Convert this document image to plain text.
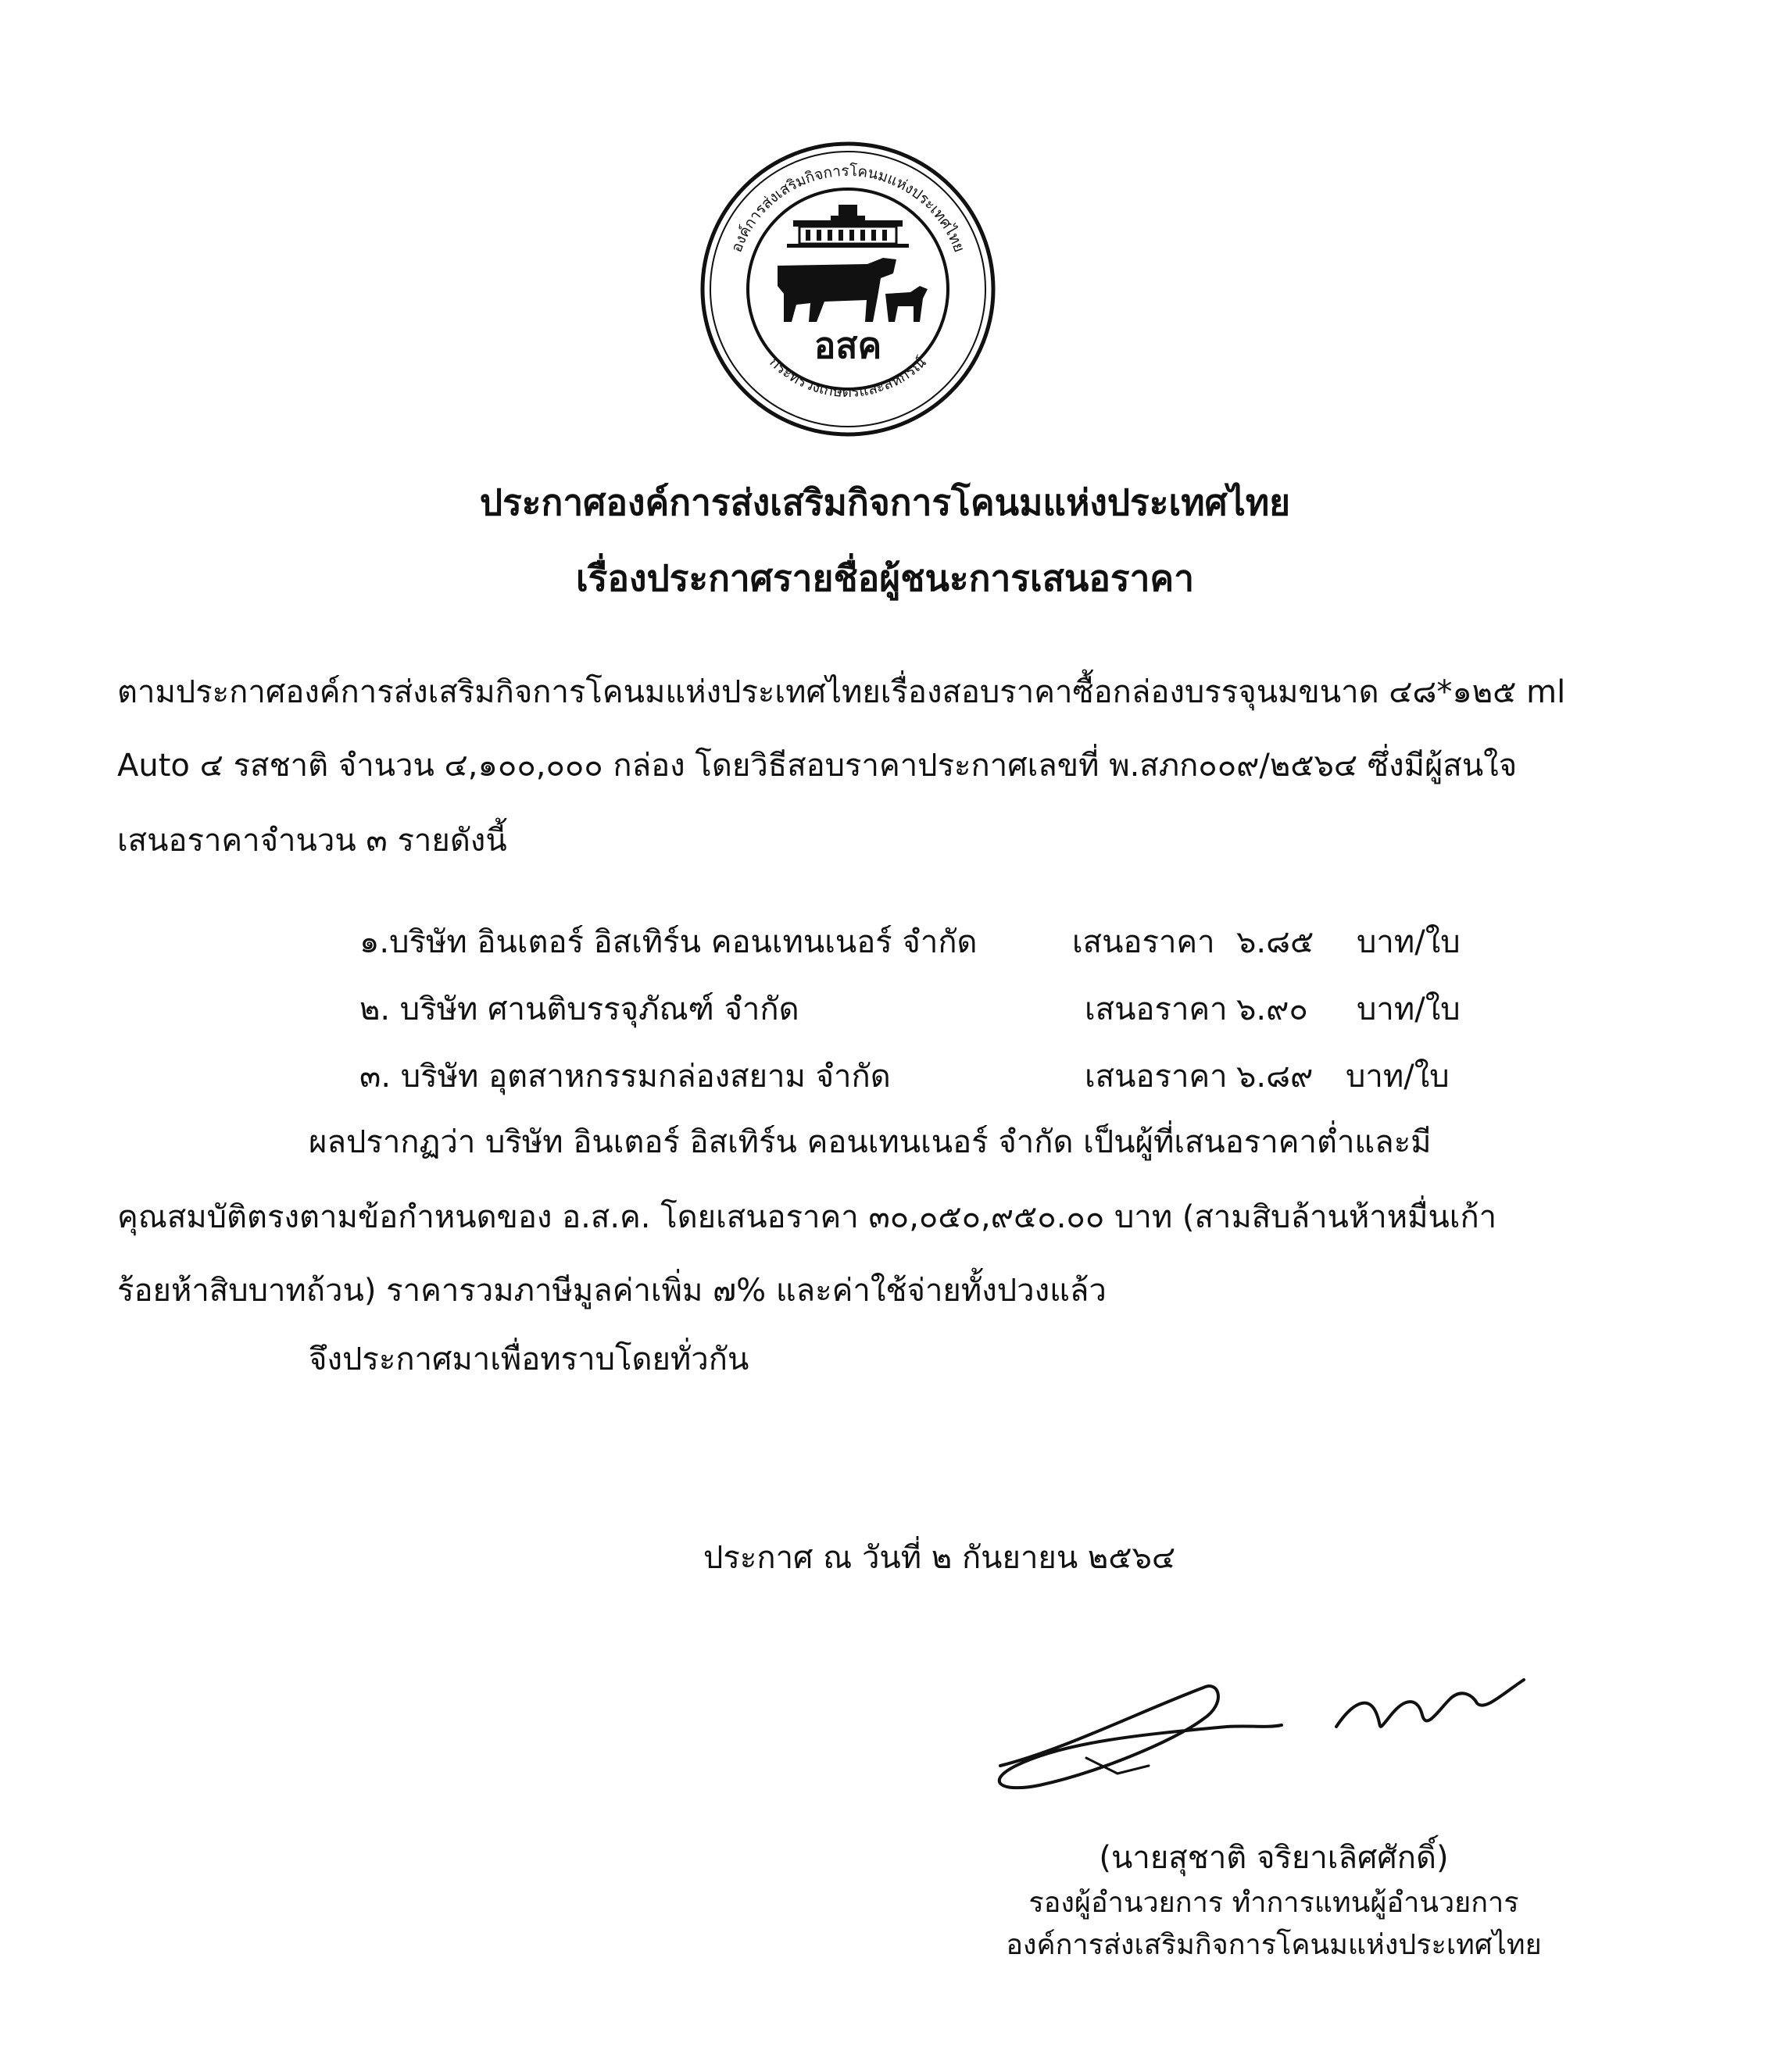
องค์การส่งเสริมกิจการโคนมแห่งประเทศไทย
กระทรวงเกษตรและสหกรณ์
อสค
ประกาศองค์การส่งเสริมกิจการโคนมแห่งประเทศไทย
เรื่องประกาศรายชื่อผู้ชนะการเสนอราคา
ตามประกาศองค์การส่งเสริมกิจการโคนมแห่งประเทศไทยเรื่องสอบราคาซื้อกล่องบรรจุนมขนาด ๔๘*๑๒๕ ml
Auto ๔ รสชาติ จำนวน ๔,๑๐๐,๐๐๐ กล่อง โดยวิธีสอบราคาประกาศเลขที่ พ.สภก๐๐๙/๒๕๖๔ ซึ่งมีผู้สนใจ
เสนอราคาจำนวน ๓ รายดังนี้
๑.บริษัท อินเตอร์ อิสเทิร์น คอนเทนเนอร์ จำกัด	เสนอราคา ๖.๘๕ บาท/ใบ
๒. บริษัท ศานติบรรจุภัณฑ์ จำกัด	เสนอราคา ๖.๙๐ บาท/ใบ
๓. บริษัท อุตสาหกรรมกล่องสยาม จำกัด	เสนอราคา ๖.๘๙ บาท/ใบ
ผลปรากฏว่า บริษัท อินเตอร์ อิสเทิร์น คอนเทนเนอร์ จำกัด เป็นผู้ที่เสนอราคาต่ำและมี
คุณสมบัติตรงตามข้อกำหนดของ อ.ส.ค. โดยเสนอราคา ๓๐,๐๕๐,๙๕๐.๐๐ บาท (สามสิบล้านห้าหมื่นเก้า
ร้อยห้าสิบบาทถ้วน) ราคารวมภาษีมูลค่าเพิ่ม ๗% และค่าใช้จ่ายทั้งปวงแล้ว
จึงประกาศมาเพื่อทราบโดยทั่วกัน
ประกาศ ณ วันที่ ๒ กันยายน ๒๕๖๔
(นายสุชาติ จริยาเลิศศักดิ์)
รองผู้อำนวยการ ทำการแทนผู้อำนวยการ
องค์การส่งเสริมกิจการโคนมแห่งประเทศไทย
